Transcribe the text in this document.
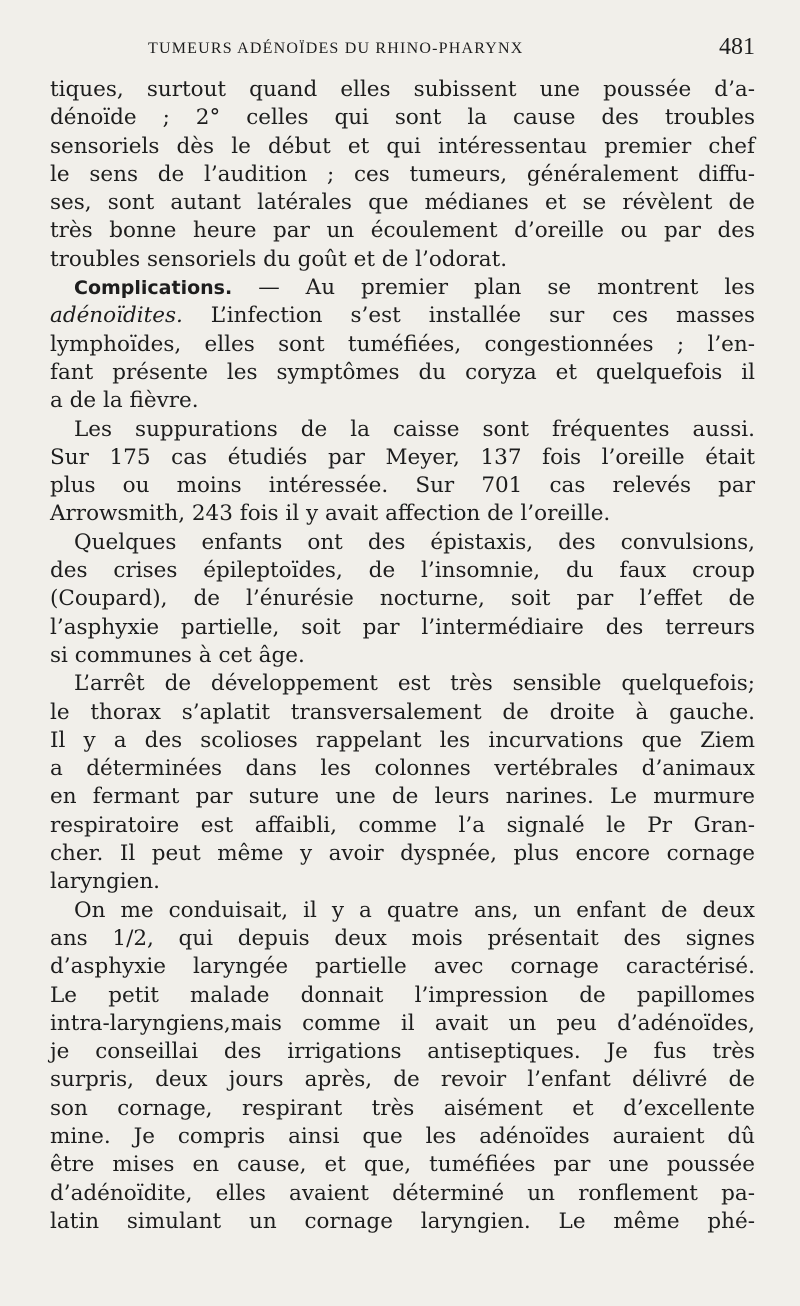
TUMEURS ADÉNOÏDES DU RHINO-PHARYNX	481
tiques, surtout quand elles subissent une poussée d’a-
dénoïde ; 2° celles qui sont la cause des troubles
sensoriels dès le début et qui intéressentau premier chef
le sens de l’audition ; ces tumeurs, généralement diffu-
ses, sont autant latérales que médianes et se révèlent de
très bonne heure par un écoulement d’oreille ou par des
troubles sensoriels du goût et de l’odorat.
Complications. — Au premier plan se montrent les
adénoïdites. L’infection s’est installée sur ces masses
lymphoïdes, elles sont tuméfiées, congestionnées ; l’en-
fant présente les symptômes du coryza et quelquefois il
a de la fièvre.
Les suppurations de la caisse sont fréquentes aussi.
Sur 175 cas étudiés par Meyer, 137 fois l’oreille était
plus ou moins intéressée. Sur 701 cas relevés par
Arrowsmith, 243 fois il y avait affection de l’oreille.
Quelques enfants ont des épistaxis, des convulsions,
des crises épileptoïdes, de l’insomnie, du faux croup
(Coupard), de l’énurésie nocturne, soit par l’effet de
l’asphyxie partielle, soit par l’intermédiaire des terreurs
si communes à cet âge.
L’arrêt de développement est très sensible quelquefois;
le thorax s’aplatit transversalement de droite à gauche.
Il y a des scolioses rappelant les incurvations que Ziem
a déterminées dans les colonnes vertébrales d’animaux
en fermant par suture une de leurs narines. Le murmure
respiratoire est affaibli, comme l’a signalé le Pr Gran-
cher. Il peut même y avoir dyspnée, plus encore cornage
laryngien.
On me conduisait, il y a quatre ans, un enfant de deux
ans 1/2, qui depuis deux mois présentait des signes
d’asphyxie laryngée partielle avec cornage caractérisé.
Le petit malade donnait l’impression de papillomes
intra-laryngiens,mais comme il avait un peu d’adénoïdes,
je conseillai des irrigations antiseptiques. Je fus très
surpris, deux jours après, de revoir l’enfant délivré de
son cornage, respirant très aisément et d’excellente
mine. Je compris ainsi que les adénoïdes auraient dû
être mises en cause, et que, tuméfiées par une poussée
d’adénoïdite, elles avaient déterminé un ronflement pa-
latin simulant un cornage laryngien. Le même phé-
